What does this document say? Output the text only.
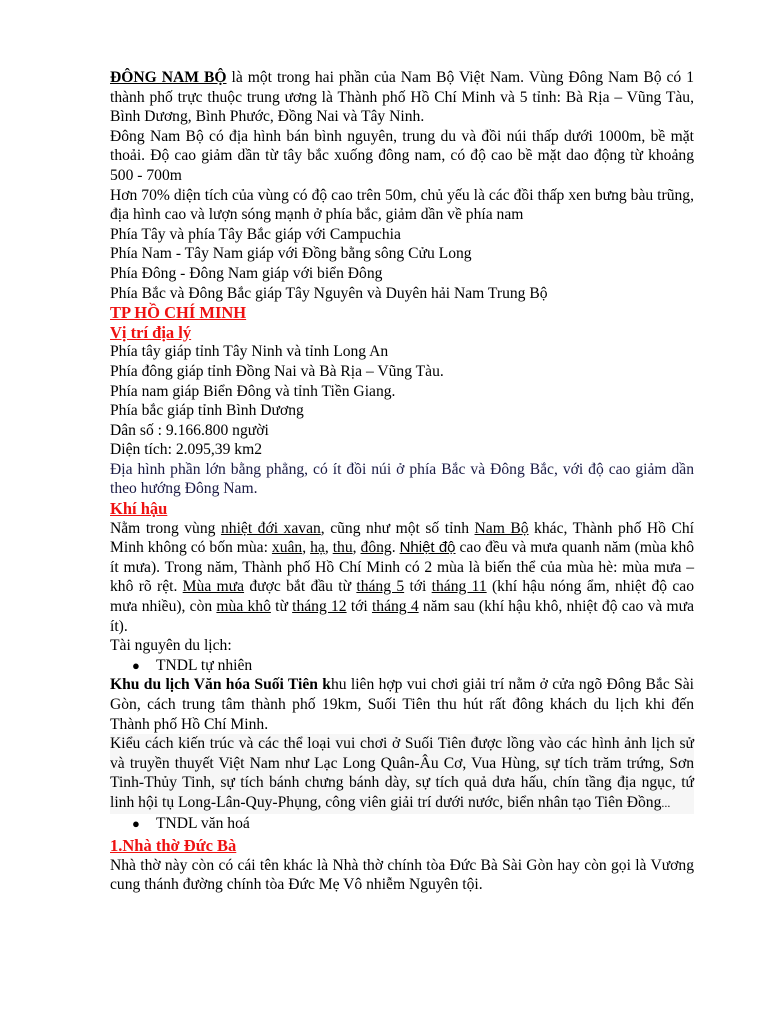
ĐÔNG NAM BỘ là một trong hai phần của Nam Bộ Việt Nam. Vùng Đông Nam Bộ có 1 thành phố trực thuộc trung ương là Thành phố Hồ Chí Minh và 5 tỉnh: Bà Rịa – Vũng Tàu, Bình Dương, Bình Phước, Đồng Nai và Tây Ninh.

Đông Nam Bộ có địa hình bán bình nguyên, trung du và đồi núi thấp dưới 1000m, bề mặt thoải. Độ cao giảm dần từ tây bắc xuống đông nam, có độ cao bề mặt dao động từ khoảng 500 - 700m

Hơn 70% diện tích của vùng có độ cao trên 50m, chủ yếu là các đồi thấp xen bưng bàu trũng, địa hình cao và lượn sóng mạnh ở phía bắc, giảm dần về phía nam

Phía Tây và phía Tây Bắc giáp với Campuchia

Phía Nam - Tây Nam giáp với Đồng bằng sông Cửu Long

Phía Đông - Đông Nam giáp với biển Đông

Phía Bắc và Đông Bắc giáp Tây Nguyên và Duyên hải Nam Trung Bộ

TP HỒ CHÍ MINH

Vị trí địa lý

Phía tây giáp tỉnh Tây Ninh và tỉnh Long An

Phía đông giáp tỉnh Đồng Nai và Bà Rịa – Vũng Tàu.

Phía nam giáp Biển Đông và tỉnh Tiền Giang.

Phía bắc giáp tỉnh Bình Dương

Dân số : 9.166.800 người

Diện tích: 2.095,39 km2

Địa hình phần lớn bằng phẳng, có ít đồi núi ở phía Bắc và Đông Bắc, với độ cao giảm dần theo hướng Đông Nam.

Khí hậu

Nằm trong vùng nhiệt đới xavan, cũng như một số tỉnh Nam Bộ khác, Thành phố Hồ Chí Minh không có bốn mùa: xuân, hạ, thu, đông. Nhiệt độ cao đều và mưa quanh năm (mùa khô ít mưa). Trong năm, Thành phố Hồ Chí Minh có 2 mùa là biến thể của mùa hè: mùa mưa – khô rõ rệt. Mùa mưa được bắt đầu từ tháng 5 tới tháng 11 (khí hậu nóng ẩm, nhiệt độ cao mưa nhiều), còn mùa khô từ tháng 12 tới tháng 4 năm sau (khí hậu khô, nhiệt độ cao và mưa ít).

Tài nguyên du lịch:

●	TNDL tự nhiên

Khu du lịch Văn hóa Suối Tiên khu liên hợp vui chơi giải trí nằm ở cửa ngõ Đông Bắc Sài Gòn, cách trung tâm thành phố 19km, Suối Tiên thu hút rất đông khách du lịch khi đến Thành phố Hồ Chí Minh.

Kiểu cách kiến trúc và các thể loại vui chơi ở Suối Tiên được lồng vào các hình ảnh lịch sử và truyền thuyết Việt Nam như Lạc Long Quân-Âu Cơ, Vua Hùng, sự tích trăm trứng, Sơn Tinh-Thủy Tinh, sự tích bánh chưng bánh dày, sự tích quả dưa hấu, chín tầng địa ngục, tứ linh hội tụ Long-Lân-Quy-Phụng, công viên giải trí dưới nước, biển nhân tạo Tiên Đồng...

●	TNDL văn hoá

1.Nhà thờ Đức Bà

Nhà thờ này còn có cái tên khác là Nhà thờ chính tòa Đức Bà Sài Gòn hay còn gọi là Vương cung thánh đường chính tòa Đức Mẹ Vô nhiễm Nguyên tội.
